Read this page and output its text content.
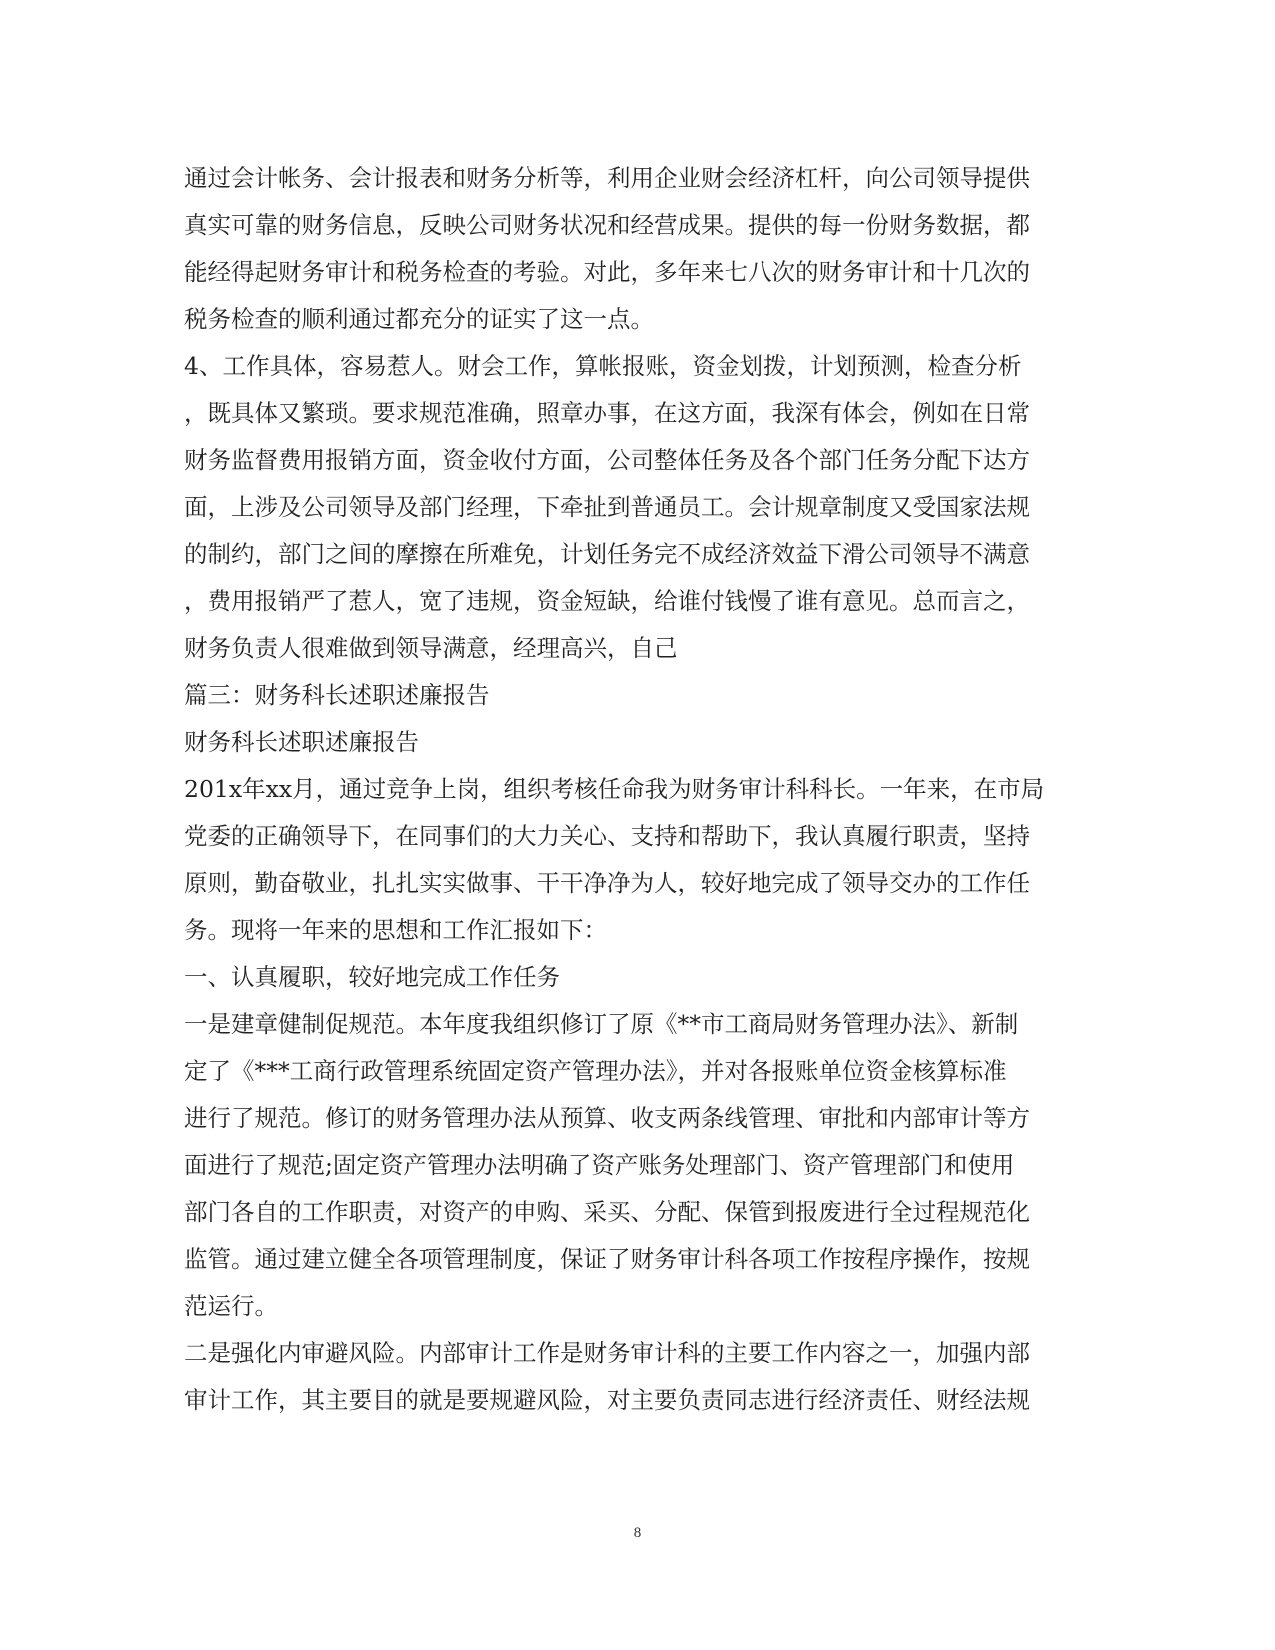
通过会计帐务、会计报表和财务分析等，利用企业财会经济杠杆，向公司领导提供
真实可靠的财务信息，反映公司财务状况和经营成果。提供的每一份财务数据，都
能经得起财务审计和税务检查的考验。对此，多年来七八次的财务审计和十几次的
税务检查的顺利通过都充分的证实了这一点。
4、工作具体，容易惹人。财会工作，算帐报账，资金划拨，计划预测，检查分析
，既具体又繁琐。要求规范准确，照章办事，在这方面，我深有体会，例如在日常
财务监督费用报销方面，资金收付方面，公司整体任务及各个部门任务分配下达方
面，上涉及公司领导及部门经理，下牵扯到普通员工。会计规章制度又受国家法规
的制约，部门之间的摩擦在所难免，计划任务完不成经济效益下滑公司领导不满意
，费用报销严了惹人，宽了违规，资金短缺，给谁付钱慢了谁有意见。总而言之，
财务负责人很难做到领导满意，经理高兴，自己
篇三：财务科长述职述廉报告
财务科长述职述廉报告
201x年xx月，通过竞争上岗，组织考核任命我为财务审计科科长。一年来，在市局
党委的正确领导下，在同事们的大力关心、支持和帮助下，我认真履行职责，坚持
原则，勤奋敬业，扎扎实实做事、干干净净为人，较好地完成了领导交办的工作任
务。现将一年来的思想和工作汇报如下：
一、认真履职，较好地完成工作任务
一是建章健制促规范。本年度我组织修订了原《**市工商局财务管理办法》、新制
定了《***工商行政管理系统固定资产管理办法》，并对各报账单位资金核算标准
进行了规范。修订的财务管理办法从预算、收支两条线管理、审批和内部审计等方
面进行了规范;固定资产管理办法明确了资产账务处理部门、资产管理部门和使用
部门各自的工作职责，对资产的申购、采买、分配、保管到报废进行全过程规范化
监管。通过建立健全各项管理制度，保证了财务审计科各项工作按程序操作，按规
范运行。
二是强化内审避风险。内部审计工作是财务审计科的主要工作内容之一，加强内部
审计工作，其主要目的就是要规避风险，对主要负责同志进行经济责任、财经法规
8
